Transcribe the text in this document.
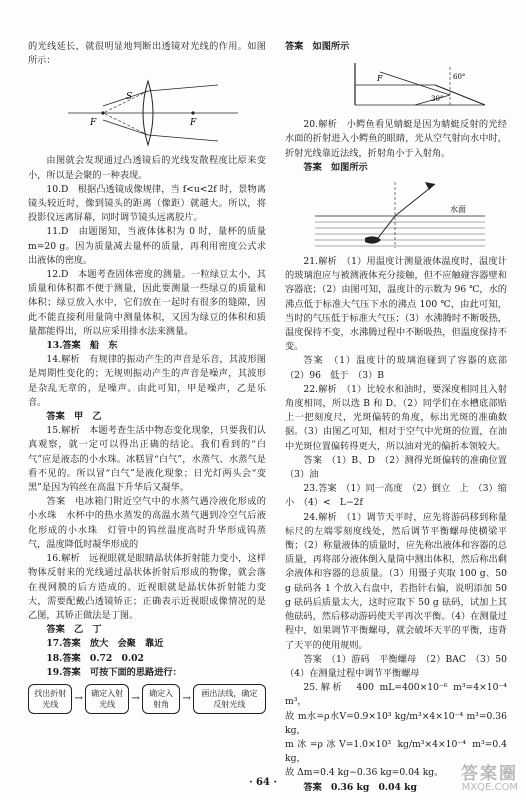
的光线延长，就很明显地判断出透镜对光线的作用。如图所示：

S
F	F

由图就会发现通过凸透镜后的光线发散程度比原来变小，所以是会聚的一种表现。

10.D　根据凸透镜成像规律，当 f<u<2f 时，景物离镜头较近时，像到镜头的距离（像距）就越大。所以，将投影仪远离屏幕，同时调节镜头远离胶片。

11.D　由题图知，当液体体积为 0 时，量杯的质量 m=20 g。因为质量减去量杯的质量，再利用密度公式求出液体的密度。

12.D　本题考查固体密度的测量。一粒绿豆太小，其质量和体积都不便于测量，因此要测量一些绿豆的质量和体积；绿豆放入水中，它们放在一起时有很多的缝隙，因此不能直接利用量筒中测量体积，又因为绿豆的体积和质量都能得出，所以应采用排水法来测量。

13.答案　船　东

14.解析　有规律的振动产生的声音是乐音，其波形图是周期性变化的；无规则振动产生的声音是噪声，其波形是杂乱无章的，是噪声。由此可知，甲是噪声，乙是乐音。

答案　甲　乙

15.解析　本题考查生活中物态变化现象，只要我们认真观察，就一定可以得出正确的结论。我们看到的“白气”应是液态的小水珠。冰糕冒“白气”，水蒸气、水蒸气是看不见的。所以冒“白气”是液化现象；日光灯两头会“变黑”是因为钨丝在高温下升华后又凝华。

答案　电冰箱门附近空气中的水蒸气遇冷液化形成的小水珠　水杯中的热水蒸发的高温水蒸气遇到冷空气后液化形成的小水珠　灯管中的钨丝温度高时升华形成钨蒸气，温度降低时凝华形成的

16.解析　远视眼就是眼睛晶状体折射能力变小，这样物体反射来的光线通过晶状体折射后形成的物像，就会落在视网膜的后方造成的。近视眼就是晶状体折射能力变大，需要配戴凸透镜矫正；正确表示近视眼成像情况的是乙图，其矫正做法是丁图。

答案　乙　丁

17.答案　放大　会聚　靠近

18.答案　0.72　0.02

19.答案　可按下面的思路进行：

找出折射光线
→	确定入射光线
→	确定入射角
→	画出法线，确定反射光线

答案　如图所示

F	60°
30°

20.解析　小鳄鱼看见蜻蜓是因为蜻蜓反射的光经水面的折射进入小鳄鱼的眼睛，光从空气射向水中时，折射光线靠近法线，折射角小于入射角。

答案　如图所示

水面

21.解析　（1）用温度计测量液体温度时，温度计的玻璃泡应与被测液体充分接触，但不应触碰容器壁和容器底；（2）由图可知，温度计的示数为 96 ℃，水的沸点低于标准大气压下水的沸点 100 ℃，由此可知，当时的气压低于标准大气压；（3）水沸腾时不断吸热，温度保持不变，水沸腾过程中不断吸热，但温度保持不变。

答案　（1）温度计的玻璃泡碰到了容器的底部　（2）96　低于　（3）B

22.解析　（1）比较水和油时，要深度相同且入射角度相同，所以选 B 和 D。（2）同学们在水槽底部贴上一把刻度尺，光斑偏转的角度，标出光斑的准确数据。（3）由图乙可知，相对于空气中光斑的位置，在油中光斑位置偏转得更大，所以油对光的偏折本领较大。

答案　（1）B、D　（2）测得光斑偏转的准确位置　（3）油

23.答案　（1）同一高度　（2）倒立　上　（3）缩小　（4）<　L−2f

24.解析　（1）调节天平时，应先将游码移到称量标尺的左端零刻度线处，然后调节平衡螺母使横梁平衡；（2）称量液体的质量时，应先称出液体和容器的总质量，再将部分液体倒入量筒中测出体积，然后称出剩余液体和容器的总质量。（3）用镊子夹取 100 g、50 g 砝码各 1 个放入右盘中，若指针右偏，说明添加 50 g 砝码后质量太大，这时应取下 50 g 砝码，试加上其他砝码，然后移动游码使天平再次平衡。（4）在测量过程中，如果调节平衡螺母，就会破坏天平的平衡，违背了天平的使用规则。

答案　（1）游码　平衡螺母　（2）BAC　（3）50　（4）在测量过程中调节平衡螺母

25.解析　400 mL=400×10⁻⁶ m³=4×10⁻⁴ m³，

故 m水=ρ水V=0.9×10³ kg/m³×4×10⁻⁴ m³=0.36 kg，

m冰=ρ冰V=1.0×10³ kg/m³×4×10⁻⁴ m³=0.4 kg，

故 Δm=0.4 kg−0.36 kg=0.04 kg。

答案　0.36 kg　0.04 kg

· 64 ·	答案圈
MXQE.COM
